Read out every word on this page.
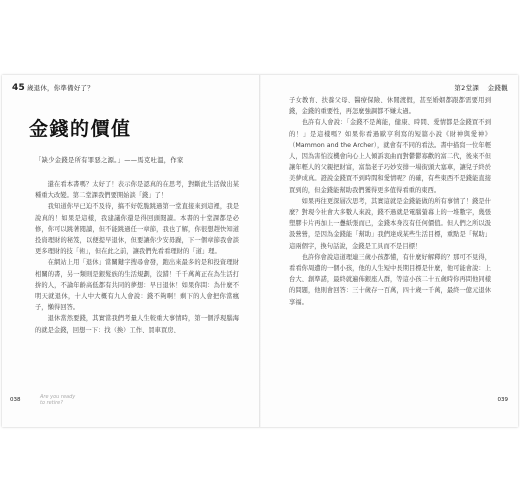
45 歲退休，你準備好了？	第2堂課 金錢觀
金錢的價值
「缺少金錢是所有罪惡之源。」——馬克吐溫，作家

還在看本書嗎？太好了！表示你是認真的在思考，對斷此生活做出某種重大改變。第二堂課我們要開始談「錢」了！

我知道你早已迫不及待，搞不好乾脆跳過第一堂直接來到這裡，我是說真的！如果是這樣，我建議你還是得回頭閱讀。本書的十堂課都是必修，你可以跳著閱讀，但不能跳過任一章節，我也了解，你很想趕快知道投資理財的秘笈，以便提早退休，但要讓你少安毋躁，下一個章節我會談更多理財的技「術」，但在此之前，讓我們先看看理財的「道」理。

在網站上用「退休」當關鍵字搜尋會發，跑出來最多的是和投資理財相關的書，另一類則是銀髮族的生活規劃，沒錯！千千萬萬正在為生活打拚的人，不論年齡高低都有共同的夢想：早日退休！如果你問：為什麼不明天就退休，十人中大概有九人會說：錢不夠啊！剩下的人會把你當瘋子，懶得回答。

退休當然要錢，其實當我們考量人生較重大事情時，第一個浮現腦海的就是金錢，回想一下：找（換）工作、買車買房、

子女教育、扶養父母、醫療保險、休閒渡假，甚至婚姻都跟都需要用到錢，金錢的重要性，再怎麼強調都不嫌太過。

也許有人會說：「金錢不是萬能，健康、時間、愛情都是金錢買不到的！」是這樣嗎？如果你看過歐亨利寫的短篇小說《財神與愛神》（Mammon and the Archer），就會有不同的看法。書中描寫一位年輕人，因為害怕沒機會向心上人傾訴衷曲而對鬱鬱寡歡的富二代，後來不但讓年輕人的父親把財富，富翁老子巧妙安排一場街頭大塞車，讓兒子終於美夢成真。證說金錢買不到時間和愛情呢？的確，有些東西不是錢能直接買到的，但金錢能幫助我們獲得更多值得看重的東西。

如果再往更深層次思考，其實這就是金錢能做的所有事情了！錢是什麼？對現今社會大多數人來說，錢不過就是電腦螢幕上的一堆數字，幾張塑膠卡片再加上一疊紙張而已，金錢本身沒有任何價值。但人們之所以汲汲營營，是因為金錢能「幫助」我們達成某些生活目標，重點是「幫助」這兩個字，換句話說，金錢是工具而不是目標！

也許你會說這道理連三歲小孩都懂，有什麼好解釋的？那可不見得，看看你周遭的一個小孩，他的人生短中長期目標是什麼，他可能會說：上台大、創準諾，最終就遍佈銀座人群，等這小孩二十五歲時你再問他同樣的問題，他則會回答：三十歲存一百萬，四十歲一千萬，最終一億元退休享福。

038	Are you ready
to retire?	039
